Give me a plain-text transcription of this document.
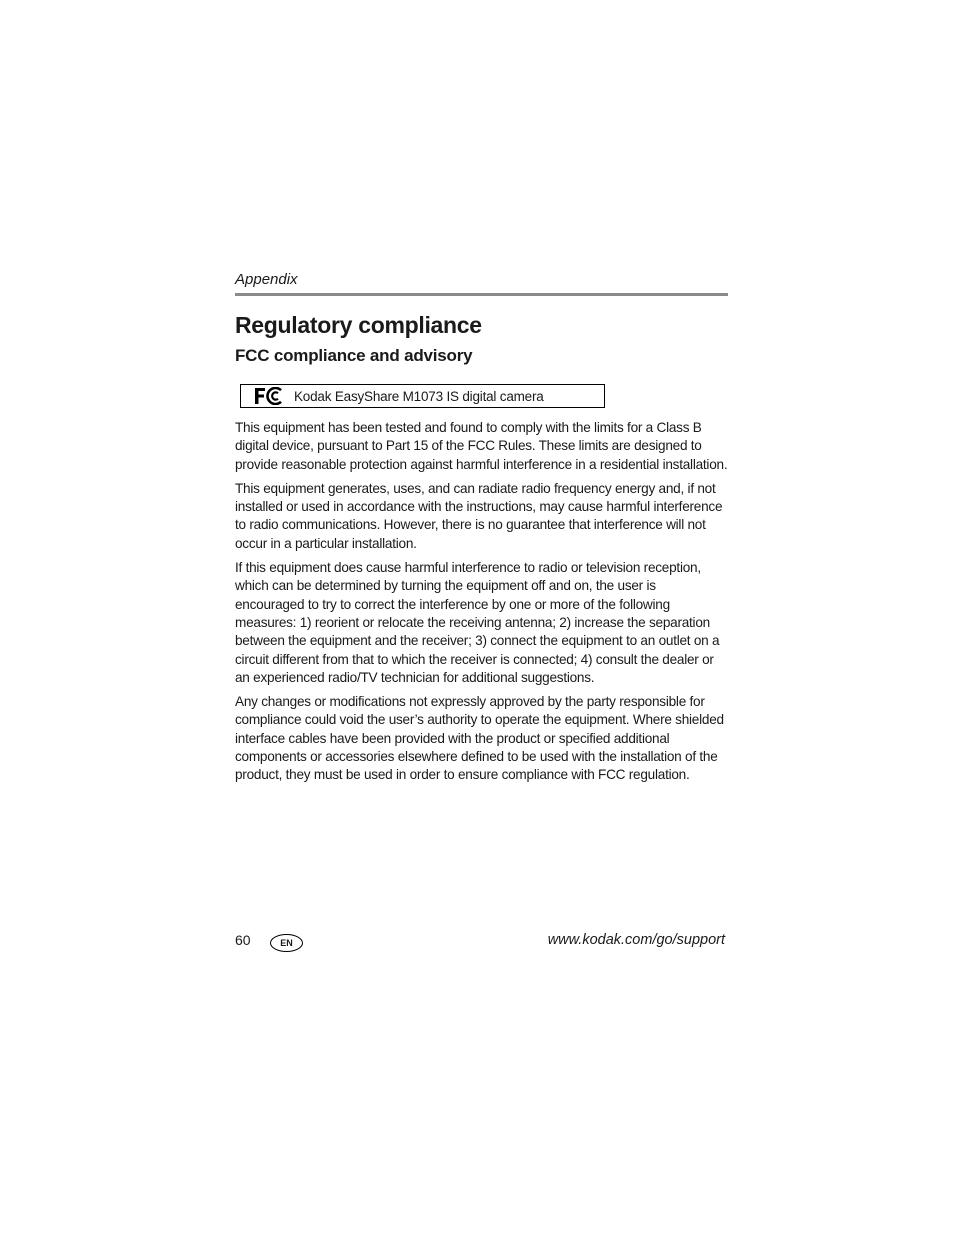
Appendix
Regulatory compliance
FCC compliance and advisory
Kodak EasyShare M1073 IS digital camera

This equipment has been tested and found to comply with the limits for a Class B digital device, pursuant to Part 15 of the FCC Rules. These limits are designed to provide reasonable protection against harmful interference in a residential installation.

This equipment generates, uses, and can radiate radio frequency energy and, if not installed or used in accordance with the instructions, may cause harmful interference to radio communications. However, there is no guarantee that interference will not occur in a particular installation.

If this equipment does cause harmful interference to radio or television reception, which can be determined by turning the equipment off and on, the user is encouraged to try to correct the interference by one or more of the following measures: 1) reorient or relocate the receiving antenna; 2) increase the separation between the equipment and the receiver; 3) connect the equipment to an outlet on a circuit different from that to which the receiver is connected; 4) consult the dealer or an experienced radio/TV technician for additional suggestions.

Any changes or modifications not expressly approved by the party responsible for compliance could void the user’s authority to operate the equipment. Where shielded interface cables have been provided with the product or specified additional components or accessories elsewhere defined to be used with the installation of the product, they must be used in order to ensure compliance with FCC regulation.

60	EN	www.kodak.com/go/support
